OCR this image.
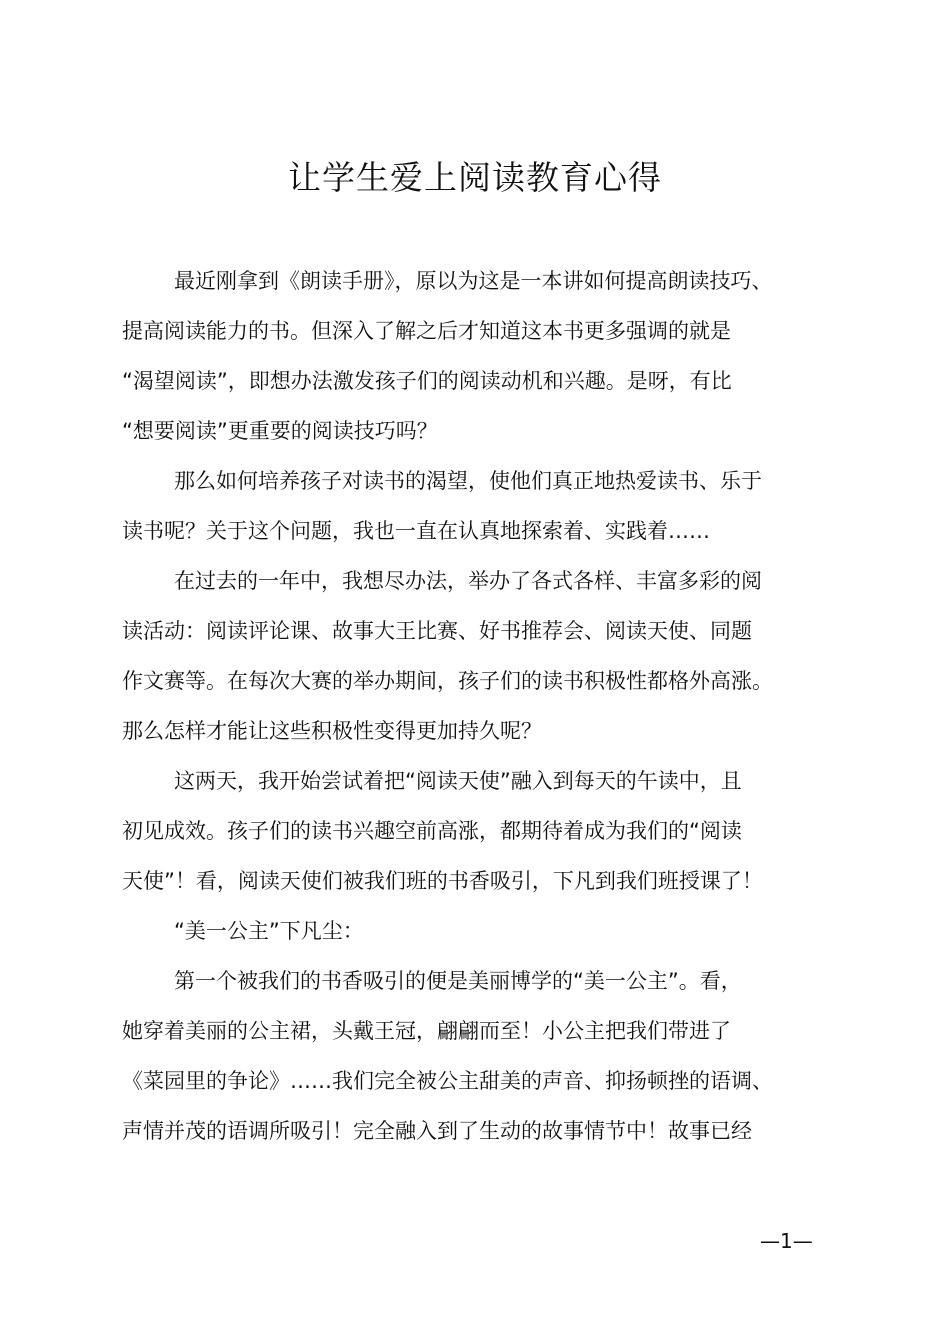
让学生爱上阅读教育心得
最近刚拿到《朗读手册》，原以为这是一本讲如何提高朗读技巧、
提高阅读能力的书。但深入了解之后才知道这本书更多强调的就是
“渴望阅读”，即想办法激发孩子们的阅读动机和兴趣。是呀，有比
“想要阅读”更重要的阅读技巧吗？
那么如何培养孩子对读书的渴望，使他们真正地热爱读书、乐于
读书呢？关于这个问题，我也一直在认真地探索着、实践着……
在过去的一年中，我想尽办法，举办了各式各样、丰富多彩的阅
读活动：阅读评论课、故事大王比赛、好书推荐会、阅读天使、同题
作文赛等。在每次大赛的举办期间，孩子们的读书积极性都格外高涨。
那么怎样才能让这些积极性变得更加持久呢？
这两天，我开始尝试着把“阅读天使”融入到每天的午读中，且
初见成效。孩子们的读书兴趣空前高涨，都期待着成为我们的“阅读
天使”！看，阅读天使们被我们班的书香吸引，下凡到我们班授课了！
“美一公主”下凡尘：
第一个被我们的书香吸引的便是美丽博学的“美一公主”。看，
她穿着美丽的公主裙，头戴王冠，翩翩而至！小公主把我们带进了
《菜园里的争论》……我们完全被公主甜美的声音、抑扬顿挫的语调、
声情并茂的语调所吸引！完全融入到了生动的故事情节中！故事已经
—1—
